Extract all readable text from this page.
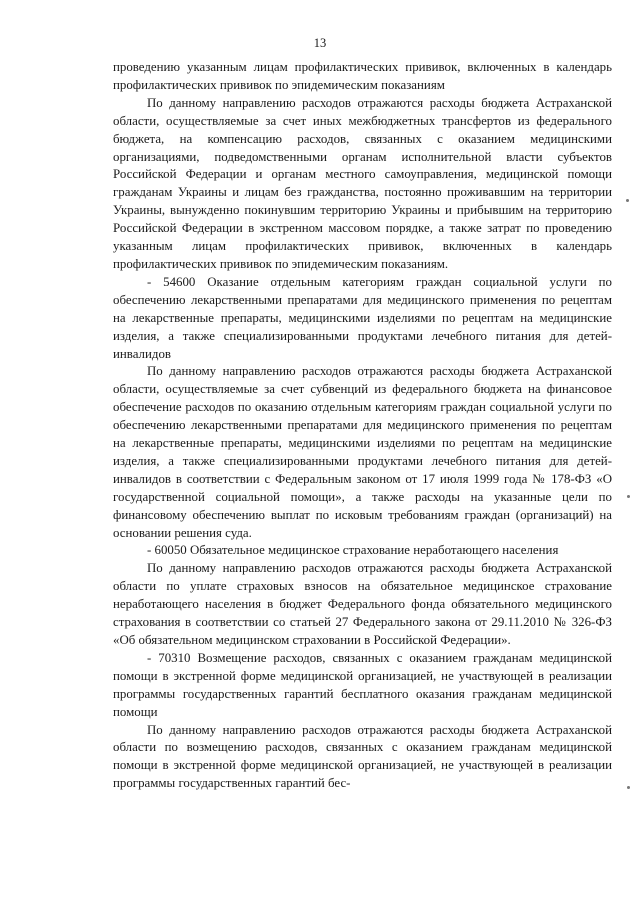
13

проведению указанным лицам профилактических прививок, включенных в календарь профилактических прививок по эпидемическим показаниям

По данному направлению расходов отражаются расходы бюджета Астраханской области, осуществляемые за счет иных межбюджетных трансфертов из федерального бюджета, на компенсацию расходов, связанных с оказанием медицинскими организациями, подведомственными органам исполнительной власти субъектов Российской Федерации и органам местного самоуправления, медицинской помощи гражданам Украины и лицам без гражданства, постоянно проживавшим на территории Украины, вынужденно покинувшим территорию Украины и прибывшим на территорию Российской Федерации в экстренном массовом порядке, а также затрат по проведению указанным лицам профилактических прививок, включенных в календарь профилактических прививок по эпидемическим показаниям.

- 54600 Оказание отдельным категориям граждан социальной услуги по обеспечению лекарственными препаратами для медицинского применения по рецептам на лекарственные препараты, медицинскими изделиями по рецептам на медицинские изделия, а также специализированными продуктами лечебного питания для детей-инвалидов

По данному направлению расходов отражаются расходы бюджета Астраханской области, осуществляемые за счет субвенций из федерального бюджета на финансовое обеспечение расходов по оказанию отдельным категориям граждан социальной услуги по обеспечению лекарственными препаратами для медицинского применения по рецептам на лекарственные препараты, медицинскими изделиями по рецептам на медицинские изделия, а также специализированными продуктами лечебного питания для детей-инвалидов в соответствии с Федеральным законом от 17 июля 1999 года № 178-ФЗ «О государственной социальной помощи», а также расходы на указанные цели по финансовому обеспечению выплат по исковым требованиям граждан (организаций) на основании решения суда.

- 60050 Обязательное медицинское страхование неработающего населения

По данному направлению расходов отражаются расходы бюджета Астраханской области по уплате страховых взносов на обязательное медицинское страхование неработающего населения в бюджет Федерального фонда обязательного медицинского страхования в соответствии со статьей 27 Федерального закона от 29.11.2010 № 326-ФЗ «Об обязательном медицинском страховании в Российской Федерации».

- 70310 Возмещение расходов, связанных с оказанием гражданам медицинской помощи в экстренной форме медицинской организацией, не участвующей в реализации программы государственных гарантий бесплатного оказания гражданам медицинской помощи

По данному направлению расходов отражаются расходы бюджета Астраханской области по возмещению расходов, связанных с оказанием гражданам медицинской помощи в экстренной форме медицинской организацией, не участвующей в реализации программы государственных гарантий бес-
